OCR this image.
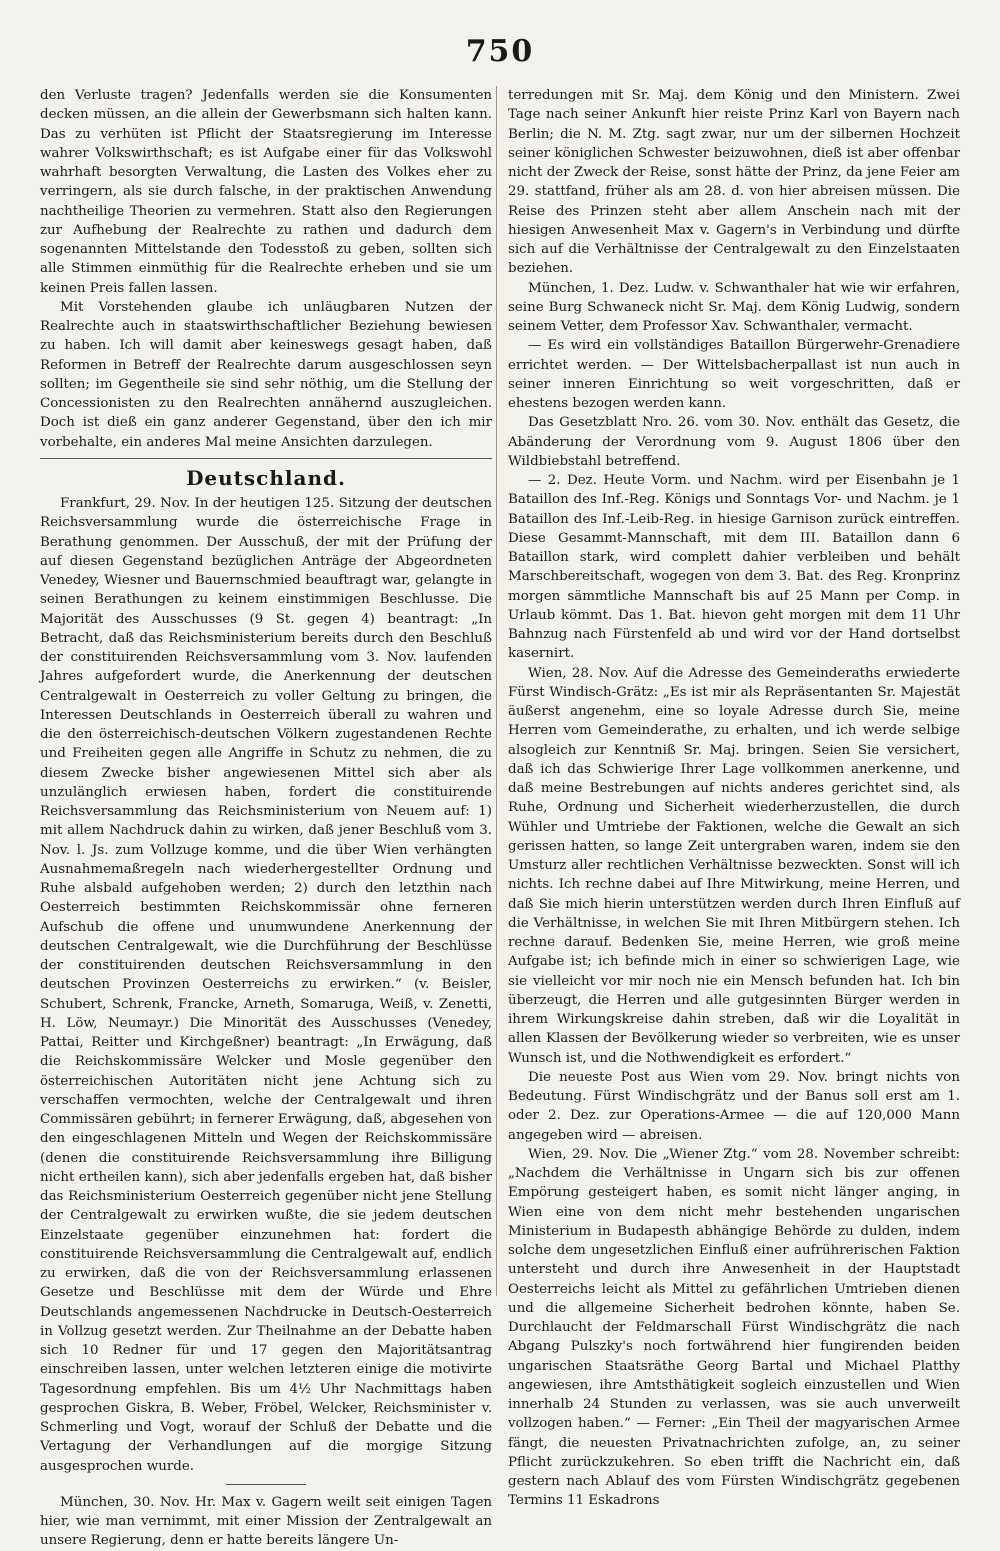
750

den Verluste tragen? Jedenfalls werden sie die Konsumenten decken müssen, an die allein der Gewerbsmann sich halten kann. Das zu verhüten ist Pflicht der Staatsregierung im Interesse wahrer Volkswirthschaft; es ist Aufgabe einer für das Volkswohl wahrhaft besorgten Verwaltung, die Lasten des Volkes eher zu verringern, als sie durch falsche, in der praktischen Anwendung nachtheilige Theorien zu vermehren. Statt also den Regierungen zur Aufhebung der Realrechte zu rathen und dadurch dem sogenannten Mittelstande den Todesstoß zu geben, sollten sich alle Stimmen einmüthig für die Realrechte erheben und sie um keinen Preis fallen lassen.

Mit Vorstehenden glaube ich unläugbaren Nutzen der Realrechte auch in staatswirthschaftlicher Beziehung bewiesen zu haben. Ich will damit aber keineswegs gesagt haben, daß Reformen in Betreff der Realrechte darum ausgeschlossen seyn sollten; im Gegentheile sie sind sehr nöthig, um die Stellung der Concessionisten zu den Realrechten annähernd auszugleichen. Doch ist dieß ein ganz anderer Gegenstand, über den ich mir vorbehalte, ein anderes Mal meine Ansichten darzulegen.

Deutschland.

Frankfurt, 29. Nov. In der heutigen 125. Sitzung der deutschen Reichsversammlung wurde die österreichische Frage in Berathung genommen. Der Ausschuß, der mit der Prüfung der auf diesen Gegenstand bezüglichen Anträge der Abgeordneten Venedey, Wiesner und Bauernschmied beauftragt war, gelangte in seinen Berathungen zu keinem einstimmigen Beschlusse. Die Majorität des Ausschusses (9 St. gegen 4) beantragt: „In Betracht, daß das Reichsministerium bereits durch den Beschluß der constituirenden Reichsversammlung vom 3. Nov. laufenden Jahres aufgefordert wurde, die Anerkennung der deutschen Centralgewalt in Oesterreich zu voller Geltung zu bringen, die Interessen Deutschlands in Oesterreich überall zu wahren und die den österreichisch-deutschen Völkern zugestandenen Rechte und Freiheiten gegen alle Angriffe in Schutz zu nehmen, die zu diesem Zwecke bisher angewiesenen Mittel sich aber als unzulänglich erwiesen haben, fordert die constituirende Reichsversammlung das Reichsministerium von Neuem auf: 1) mit allem Nachdruck dahin zu wirken, daß jener Beschluß vom 3. Nov. l. Js. zum Vollzuge komme, und die über Wien verhängten Ausnahmemaßregeln nach wiederhergestellter Ordnung und Ruhe alsbald aufgehoben werden; 2) durch den letzthin nach Oesterreich bestimmten Reichskommissär ohne ferneren Aufschub die offene und unumwundene Anerkennung der deutschen Centralgewalt, wie die Durchführung der Beschlüsse der constituirenden deutschen Reichsversammlung in den deutschen Provinzen Oesterreichs zu erwirken.“ (v. Beisler, Schubert, Schrenk, Francke, Arneth, Somaruga, Weiß, v. Zenetti, H. Löw, Neumayr.) Die Minorität des Ausschusses (Venedey, Pattai, Reitter und Kirchgeßner) beantragt: „In Erwägung, daß die Reichskommissäre Welcker und Mosle gegenüber den österreichischen Autoritäten nicht jene Achtung sich zu verschaffen vermochten, welche der Centralgewalt und ihren Commissären gebührt; in fernerer Erwägung, daß, abgesehen von den eingeschlagenen Mitteln und Wegen der Reichskommissäre (denen die constituirende Reichsversammlung ihre Billigung nicht ertheilen kann), sich aber jedenfalls ergeben hat, daß bisher das Reichsministerium Oesterreich gegenüber nicht jene Stellung der Centralgewalt zu erwirken wußte, die sie jedem deutschen Einzelstaate gegenüber einzunehmen hat: fordert die constituirende Reichsversammlung die Centralgewalt auf, endlich zu erwirken, daß die von der Reichsversammlung erlassenen Gesetze und Beschlüsse mit dem der Würde und Ehre Deutschlands angemessenen Nachdrucke in Deutsch-Oesterreich in Vollzug gesetzt werden. Zur Theilnahme an der Debatte haben sich 10 Redner für und 17 gegen den Majoritätsantrag einschreiben lassen, unter welchen letzteren einige die motivirte Tagesordnung empfehlen. Bis um 4½ Uhr Nachmittags haben gesprochen Giskra, B. Weber, Fröbel, Welcker, Reichsminister v. Schmerling und Vogt, worauf der Schluß der Debatte und die Vertagung der Verhandlungen auf die morgige Sitzung ausgesprochen wurde.

München, 30. Nov. Hr. Max v. Gagern weilt seit einigen Tagen hier, wie man vernimmt, mit einer Mission der Zentralgewalt an unsere Regierung, denn er hatte bereits längere Un-

terredungen mit Sr. Maj. dem König und den Ministern. Zwei Tage nach seiner Ankunft hier reiste Prinz Karl von Bayern nach Berlin; die N. M. Ztg. sagt zwar, nur um der silbernen Hochzeit seiner königlichen Schwester beizuwohnen, dieß ist aber offenbar nicht der Zweck der Reise, sonst hätte der Prinz, da jene Feier am 29. stattfand, früher als am 28. d. von hier abreisen müssen. Die Reise des Prinzen steht aber allem Anschein nach mit der hiesigen Anwesenheit Max v. Gagern's in Verbindung und dürfte sich auf die Verhältnisse der Centralgewalt zu den Einzelstaaten beziehen.

München, 1. Dez. Ludw. v. Schwanthaler hat wie wir erfahren, seine Burg Schwaneck nicht Sr. Maj. dem König Ludwig, sondern seinem Vetter, dem Professor Xav. Schwanthaler, vermacht.

— Es wird ein vollständiges Bataillon Bürgerwehr-Grenadiere errichtet werden. — Der Wittelsbacherpallast ist nun auch in seiner inneren Einrichtung so weit vorgeschritten, daß er ehestens bezogen werden kann.

Das Gesetzblatt Nro. 26. vom 30. Nov. enthält das Gesetz, die Abänderung der Verordnung vom 9. August 1806 über den Wildbiebstahl betreffend.

— 2. Dez. Heute Vorm. und Nachm. wird per Eisenbahn je 1 Bataillon des Inf.-Reg. Königs und Sonntags Vor- und Nachm. je 1 Bataillon des Inf.-Leib-Reg. in hiesige Garnison zurück eintreffen. Diese Gesammt-Mannschaft, mit dem III. Bataillon dann 6 Bataillon stark, wird complett dahier verbleiben und behält Marschbereitschaft, wogegen von dem 3. Bat. des Reg. Kronprinz morgen sämmtliche Mannschaft bis auf 25 Mann per Comp. in Urlaub kömmt. Das 1. Bat. hievon geht morgen mit dem 11 Uhr Bahnzug nach Fürstenfeld ab und wird vor der Hand dortselbst kasernirt.

Wien, 28. Nov. Auf die Adresse des Gemeinderaths erwiederte Fürst Windisch-Grätz: „Es ist mir als Repräsentanten Sr. Majestät äußerst angenehm, eine so loyale Adresse durch Sie, meine Herren vom Gemeinderathe, zu erhalten, und ich werde selbige alsogleich zur Kenntniß Sr. Maj. bringen. Seien Sie versichert, daß ich das Schwierige Ihrer Lage vollkommen anerkenne, und daß meine Bestrebungen auf nichts anderes gerichtet sind, als Ruhe, Ordnung und Sicherheit wiederherzustellen, die durch Wühler und Umtriebe der Faktionen, welche die Gewalt an sich gerissen hatten, so lange Zeit untergraben waren, indem sie den Umsturz aller rechtlichen Verhältnisse bezweckten. Sonst will ich nichts. Ich rechne dabei auf Ihre Mitwirkung, meine Herren, und daß Sie mich hierin unterstützen werden durch Ihren Einfluß auf die Verhältnisse, in welchen Sie mit Ihren Mitbürgern stehen. Ich rechne darauf. Bedenken Sie, meine Herren, wie groß meine Aufgabe ist; ich befinde mich in einer so schwierigen Lage, wie sie vielleicht vor mir noch nie ein Mensch befunden hat. Ich bin überzeugt, die Herren und alle gutgesinnten Bürger werden in ihrem Wirkungskreise dahin streben, daß wir die Loyalität in allen Klassen der Bevölkerung wieder so verbreiten, wie es unser Wunsch ist, und die Nothwendigkeit es erfordert.“

Die neueste Post aus Wien vom 29. Nov. bringt nichts von Bedeutung. Fürst Windischgrätz und der Banus soll erst am 1. oder 2. Dez. zur Operations-Armee — die auf 120,000 Mann angegeben wird — abreisen.

Wien, 29. Nov. Die „Wiener Ztg.“ vom 28. November schreibt: „Nachdem die Verhältnisse in Ungarn sich bis zur offenen Empörung gesteigert haben, es somit nicht länger anging, in Wien eine von dem nicht mehr bestehenden ungarischen Ministerium in Budapesth abhängige Behörde zu dulden, indem solche dem ungesetzlichen Einfluß einer aufrührerischen Faktion untersteht und durch ihre Anwesenheit in der Hauptstadt Oesterreichs leicht als Mittel zu gefährlichen Umtrieben dienen und die allgemeine Sicherheit bedrohen könnte, haben Se. Durchlaucht der Feldmarschall Fürst Windischgrätz die nach Abgang Pulszky's noch fortwährend hier fungirenden beiden ungarischen Staatsräthe Georg Bartal und Michael Platthy angewiesen, ihre Amtsthätigkeit sogleich einzustellen und Wien innerhalb 24 Stunden zu verlassen, was sie auch unverweilt vollzogen haben.“ — Ferner: „Ein Theil der magyarischen Armee fängt, die neuesten Privatnachrichten zufolge, an, zu seiner Pflicht zurückzukehren. So eben trifft die Nachricht ein, daß gestern nach Ablauf des vom Fürsten Windischgrätz gegebenen Termins 11 Eskadrons
